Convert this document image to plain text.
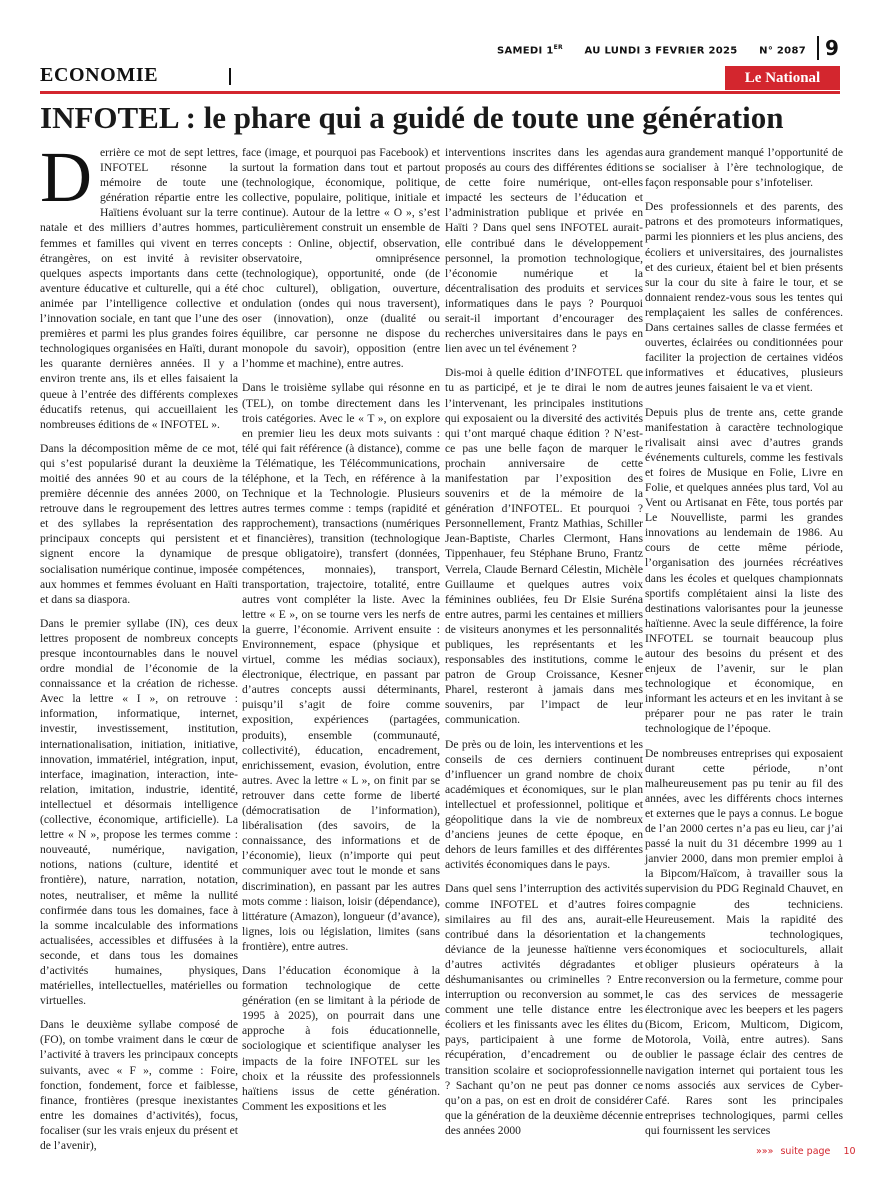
SAMEDI 1ER AU LUNDI 3 FEVRIER 2025 N° 2087 9
ECONOMIE	Le National
INFOTEL : le phare qui a guidé de toute une génération

Derrière ce mot de sept lettres, INFOTEL résonne la mémoire de toute une génération répartie entre les Haïtiens évoluant sur la terre natale et des milliers d’autres hommes, femmes et familles qui vivent en terres étrangères, on est invité à revisiter quelques aspects importants dans cette aventure éducative et culturelle, qui a été animée par l’intelligence collective et l’innovation sociale, en tant que l’une des premières et parmi les plus grandes foires technologiques organisées en Haïti, durant les quarante dernières années. Il y a environ trente ans, ils et elles faisaient la queue à l’entrée des différents complexes éducatifs retenus, qui accueillaient les nombreuses éditions de « INFOTEL ».

Dans la décomposition même de ce mot, qui s’est popularisé durant la deuxième moitié des années 90 et au cours de la première décennie des années 2000, on retrouve dans le regroupement des lettres et des syllabes la représentation des principaux concepts qui persistent et signent encore la dynamique de socialisation numérique continue, imposée aux hommes et femmes évoluant en Haïti et dans sa diaspora.

Dans le premier syllabe (IN), ces deux lettres proposent de nombreux concepts presque incontournables dans le nouvel ordre mondial de l’économie de la connaissance et la création de richesse. Avec la lettre « I », on retrouve : information, informatique, internet, investir, investissement, institution, internationalisation, initiation, initiative, innovation, immatériel, intégration, input, interface, imagination, interaction, inte-relation, imitation, industrie, identité, intellectuel et désormais intelligence (collective, économique, artificielle). La lettre « N », propose les termes comme : nouveauté, numérique, navigation, notions, nations (culture, identité et frontière), nature, narration, notation, notes, neutraliser, et même la nullité confirmée dans tous les domaines, face à la somme incalculable des informations actualisées, accessibles et diffusées à la seconde, et dans tous les domaines d’activités humaines, physiques, matérielles, intellectuelles, matérielles ou virtuelles.

Dans le deuxième syllabe composé de (FO), on tombe vraiment dans le cœur de l’activité à travers les principaux concepts suivants, avec « F », comme : Foire, fonction, fondement, force et faiblesse, finance, frontières (presque inexistantes entre les domaines d’activités), focus, focaliser (sur les vrais enjeux du présent et de l’avenir),

face (image, et pourquoi pas Facebook) et surtout la formation dans tout et partout (technologique, économique, politique, collective, populaire, politique, initiale et continue). Autour de la lettre « O », s’est particulièrement construit un ensemble de concepts : Online, objectif, observation, observatoire, omniprésence (technologique), opportunité, onde (de choc culturel), obligation, ouverture, ondulation (ondes qui nous traversent), oser (innovation), onze (dualité ou équilibre, car personne ne dispose du monopole du savoir), opposition (entre l’homme et machine), entre autres.

Dans le troisième syllabe qui résonne en (TEL), on tombe directement dans les trois catégories. Avec le « T », on explore en premier lieu les deux mots suivants : télé qui fait référence (à distance), comme la Télématique, les Télécommunications, téléphone, et la Tech, en référence à la Technique et la Technologie. Plusieurs autres termes comme : temps (rapidité et rapprochement), transactions (numériques et financières), transition (technologique presque obligatoire), transfert (données, compétences, monnaies), transport, transportation, trajectoire, totalité, entre autres vont compléter la liste. Avec la lettre « E », on se tourne vers les nerfs de la guerre, l’économie. Arrivent ensuite : Environnement, espace (physique et virtuel, comme les médias sociaux), électronique, électrique, en passant par d’autres concepts aussi déterminants, puisqu’il s’agit de foire comme exposition, expériences (partagées, produits), ensemble (communauté, collectivité), éducation, encadrement, enrichissement, evasion, évolution, entre autres. Avec la lettre « L », on finit par se retrouver dans cette forme de liberté (démocratisation de l’information), libéralisation (des savoirs, de la connaissance, des informations et de l’économie), lieux (n’importe qui peut communiquer avec tout le monde et sans discrimination), en passant par les autres mots comme : liaison, loisir (dépendance), littérature (Amazon), longueur (d’avance), lignes, lois ou législation, limites (sans frontière), entre autres.

Dans l’éducation économique à la formation technologique de cette génération (en se limitant à la période de 1995 à 2025), on pourrait dans une approche à fois éducationnelle, sociologique et scientifique analyser les impacts de la foire INFOTEL sur les choix et la réussite des professionnels haïtiens issus de cette génération. Comment les expositions et les

interventions inscrites dans les agendas proposés au cours des différentes éditions de cette foire numérique, ont-elles impacté les secteurs de l’éducation et l’administration publique et privée en Haïti ? Dans quel sens INFOTEL aurait-elle contribué dans le développement personnel, la promotion technologique, l’économie numérique et la décentralisation des produits et services informatiques dans le pays ? Pourquoi serait-il important d’encourager des recherches universitaires dans le pays en lien avec un tel événement ?

Dis-moi à quelle édition d’INFOTEL que tu as participé, et je te dirai le nom de l’intervenant, les principales institutions qui exposaient ou la diversité des activités qui t’ont marqué chaque édition ? N’est-ce pas une belle façon de marquer le prochain anniversaire de cette manifestation par l’exposition des souvenirs et de la mémoire de la génération d’INFOTEL. Et pourquoi ? Personnellement, Frantz Mathias, Schiller Jean-Baptiste, Charles Clermont, Hans Tippenhauer, feu Stéphane Bruno, Frantz Verrela, Claude Bernard Célestin, Michèle Guillaume et quelques autres voix féminines oubliées, feu Dr Elsie Suréna entre autres, parmi les centaines et milliers de visiteurs anonymes et les personnalités publiques, les représentants et les responsables des institutions, comme le patron de Group Croissance, Kesner Pharel, resteront à jamais dans mes souvenirs, par l’impact de leur communication.

De près ou de loin, les interventions et les conseils de ces derniers continuent d’influencer un grand nombre de choix académiques et économiques, sur le plan intellectuel et professionnel, politique et géopolitique dans la vie de nombreux d’anciens jeunes de cette époque, en dehors de leurs familles et des différentes activités économiques dans le pays.

Dans quel sens l’interruption des activités comme INFOTEL et d’autres foires similaires au fil des ans, aurait-elle contribué dans la désorientation et la déviance de la jeunesse haïtienne vers d’autres activités dégradantes et déshumanisantes ou criminelles ? Entre interruption ou reconversion au sommet, comment une telle distance entre les écoliers et les finissants avec les élites du pays, participaient à une forme de récupération, d’encadrement ou de transition scolaire et socioprofessionnelle ? Sachant qu’on ne peut pas donner ce qu’on a pas, on est en droit de considérer que la génération de la deuxième décennie des années 2000

aura grandement manqué l’opportunité de se socialiser à l’ère technologique, de façon responsable pour s’infoteliser.

Des professionnels et des parents, des patrons et des promoteurs informatiques, parmi les pionniers et les plus anciens, des écoliers et universitaires, des journalistes et des curieux, étaient bel et bien présents sur la cour du site à faire le tour, et se donnaient rendez-vous sous les tentes qui remplaçaient les salles de conférences. Dans certaines salles de classe fermées et ouvertes, éclairées ou conditionnées pour faciliter la projection de certaines vidéos informatives et éducatives, plusieurs autres jeunes faisaient le va et vient.

Depuis plus de trente ans, cette grande manifestation à caractère technologique rivalisait ainsi avec d’autres grands événements culturels, comme les festivals et foires de Musique en Folie, Livre en Folie, et quelques années plus tard, Vol au Vent ou Artisanat en Fête, tous portés par Le Nouvelliste, parmi les grandes innovations au lendemain de 1986. Au cours de cette même période, l’organisation des journées récréatives dans les écoles et quelques championnats sportifs complétaient ainsi la liste des destinations valorisantes pour la jeunesse haïtienne. Avec la seule différence, la foire INFOTEL se tournait beaucoup plus autour des besoins du présent et des enjeux de l’avenir, sur le plan technologique et économique, en informant les acteurs et en les invitant à se préparer pour ne pas rater le train technologique de l’époque.

De nombreuses entreprises qui exposaient durant cette période, n’ont malheureusement pas pu tenir au fil des années, avec les différents chocs internes et externes que le pays a connus. Le bogue de l’an 2000 certes n’a pas eu lieu, car j’ai passé la nuit du 31 décembre 1999 au 1 janvier 2000, dans mon premier emploi à la Bipcom/Haïcom, à travailler sous la supervision du PDG Reginald Chauvet, en compagnie des techniciens. Heureusement. Mais la rapidité des changements technologiques, économiques et socioculturels, allait obliger plusieurs opérateurs à la reconversion ou la fermeture, comme pour le cas des services de messagerie électronique avec les beepers et les pagers (Bicom, Ericom, Multicom, Digicom, Motorola, Voilà, entre autres). Sans oublier le passage éclair des centres de navigation internet qui portaient tous les noms associés aux services de Cyber-Café. Rares sont les principales entreprises technologiques, parmi celles qui fournissent les services

»»» suite page 10
